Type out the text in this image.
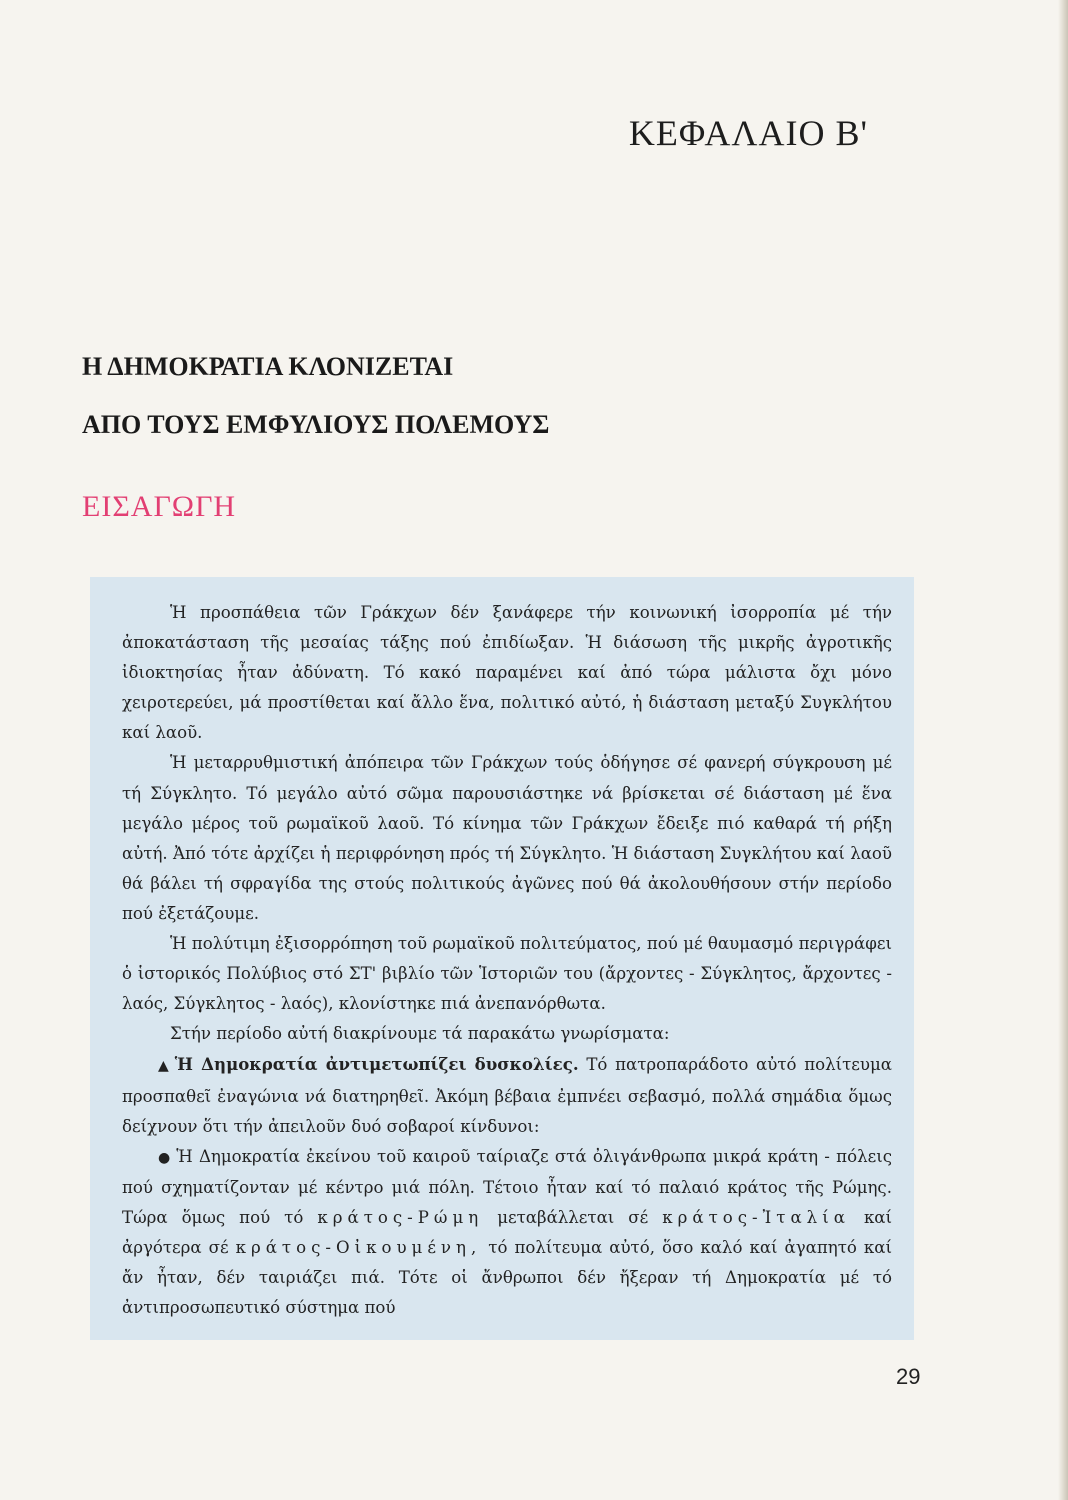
ΚΕΦΑΛΑΙΟ Β'
Η ΔΗΜΟΚΡΑΤΙΑ ΚΛΟΝΙΖΕΤΑΙ
ΑΠΟ ΤΟΥΣ ΕΜΦΥΛΙΟΥΣ ΠΟΛΕΜΟΥΣ
ΕΙΣΑΓΩΓΗ

Ἡ προσπάθεια τῶν Γράκχων δέν ξανάφερε τήν κοινωνική ἰσορροπία μέ τήν ἀποκατάσταση τῆς μεσαίας τάξης πού ἐπιδίωξαν. Ἡ διάσωση τῆς μικρῆς ἀγροτικῆς ἰδιοκτησίας ἦταν ἀδύνατη. Τό κακό παραμένει καί ἀπό τώρα μάλιστα ὄχι μόνο χειροτερεύει, μά προστίθεται καί ἄλλο ἕνα, πολιτικό αὐτό, ἡ διάσταση μεταξύ Συγκλήτου καί λαοῦ.

Ἡ μεταρρυθμιστική ἀπόπειρα τῶν Γράκχων τούς ὁδήγησε σέ φανερή σύγκρουση μέ τή Σύγκλητο. Τό μεγάλο αὐτό σῶμα παρουσιάστηκε νά βρίσκεται σέ διάσταση μέ ἕνα μεγάλο μέρος τοῦ ρωμαϊκοῦ λαοῦ. Τό κίνημα τῶν Γράκχων ἔδειξε πιό καθαρά τή ρήξη αὐτή. Ἀπό τότε ἀρχίζει ἡ περιφρόνηση πρός τή Σύγκλητο. Ἡ διάσταση Συγκλήτου καί λαοῦ θά βάλει τή σφραγίδα της στούς πολιτικούς ἀγῶνες πού θά ἀκολουθήσουν στήν περίοδο πού ἐξετάζουμε.

Ἡ πολύτιμη ἐξισορρόπηση τοῦ ρωμαϊκοῦ πολιτεύματος, πού μέ θαυμασμό περιγράφει ὁ ἱστορικός Πολύβιος στό ΣΤ' βιβλίο τῶν Ἱστοριῶν του (ἄρχοντες - Σύγκλητος, ἄρχοντες - λαός, Σύγκλητος - λαός), κλονίστηκε πιά ἀνεπανόρθωτα.

Στήν περίοδο αὐτή διακρίνουμε τά παρακάτω γνωρίσματα:

▲ Ἡ Δημοκρατία ἀντιμετωπίζει δυσκολίες. Τό πατροπαράδοτο αὐτό πολίτευμα προσπαθεῖ ἐναγώνια νά διατηρηθεῖ. Ἀκόμη βέβαια ἐμπνέει σεβασμό, πολλά σημάδια ὅμως δείχνουν ὅτι τήν ἀπειλοῦν δυό σοβαροί κίνδυνοι:

● Ἡ Δημοκρατία ἐκείνου τοῦ καιροῦ ταίριαζε στά ὀλιγάνθρωπα μικρά κράτη - πόλεις πού σχηματίζονταν μέ κέντρο μιά πόλη. Τέτοιο ἦταν καί τό παλαιό κράτος τῆς Ρώμης. Τώρα ὅμως πού τό κράτος-Ρώμη μεταβάλλεται σέ κράτος-Ἰταλία καί ἀργότερα σέ κράτος-Οἰκουμένη, τό πολίτευμα αὐτό, ὅσο καλό καί ἀγαπητό καί ἄν ἦταν, δέν ταιριάζει πιά. Τότε οἱ ἄνθρωποι δέν ἤξεραν τή Δημοκρατία μέ τό ἀντιπροσωπευτικό σύστημα πού

29
